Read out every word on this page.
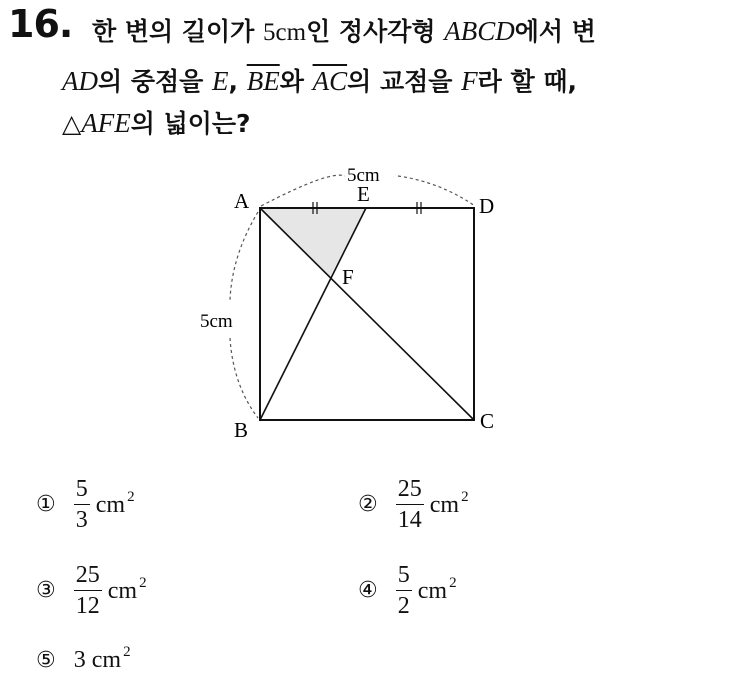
16. 한 변의 길이가 5cm인 정사각형 ABCD에서 변
AD의 중점을 E, $\overline{BE}$와 $\overline{AC}$의 교점을 F라 할 때,
△AFE의 넓이는?
A
B	C
D
E
F
5cm
5cm
① $\frac{5}{3}$ cm $^2$	② $\frac{25}{14}$ cm $^2$
③ $\frac{25}{12}$ cm $^2$	④ $\frac{5}{2}$ cm $^2$
⑤ 3 cm $^2$
